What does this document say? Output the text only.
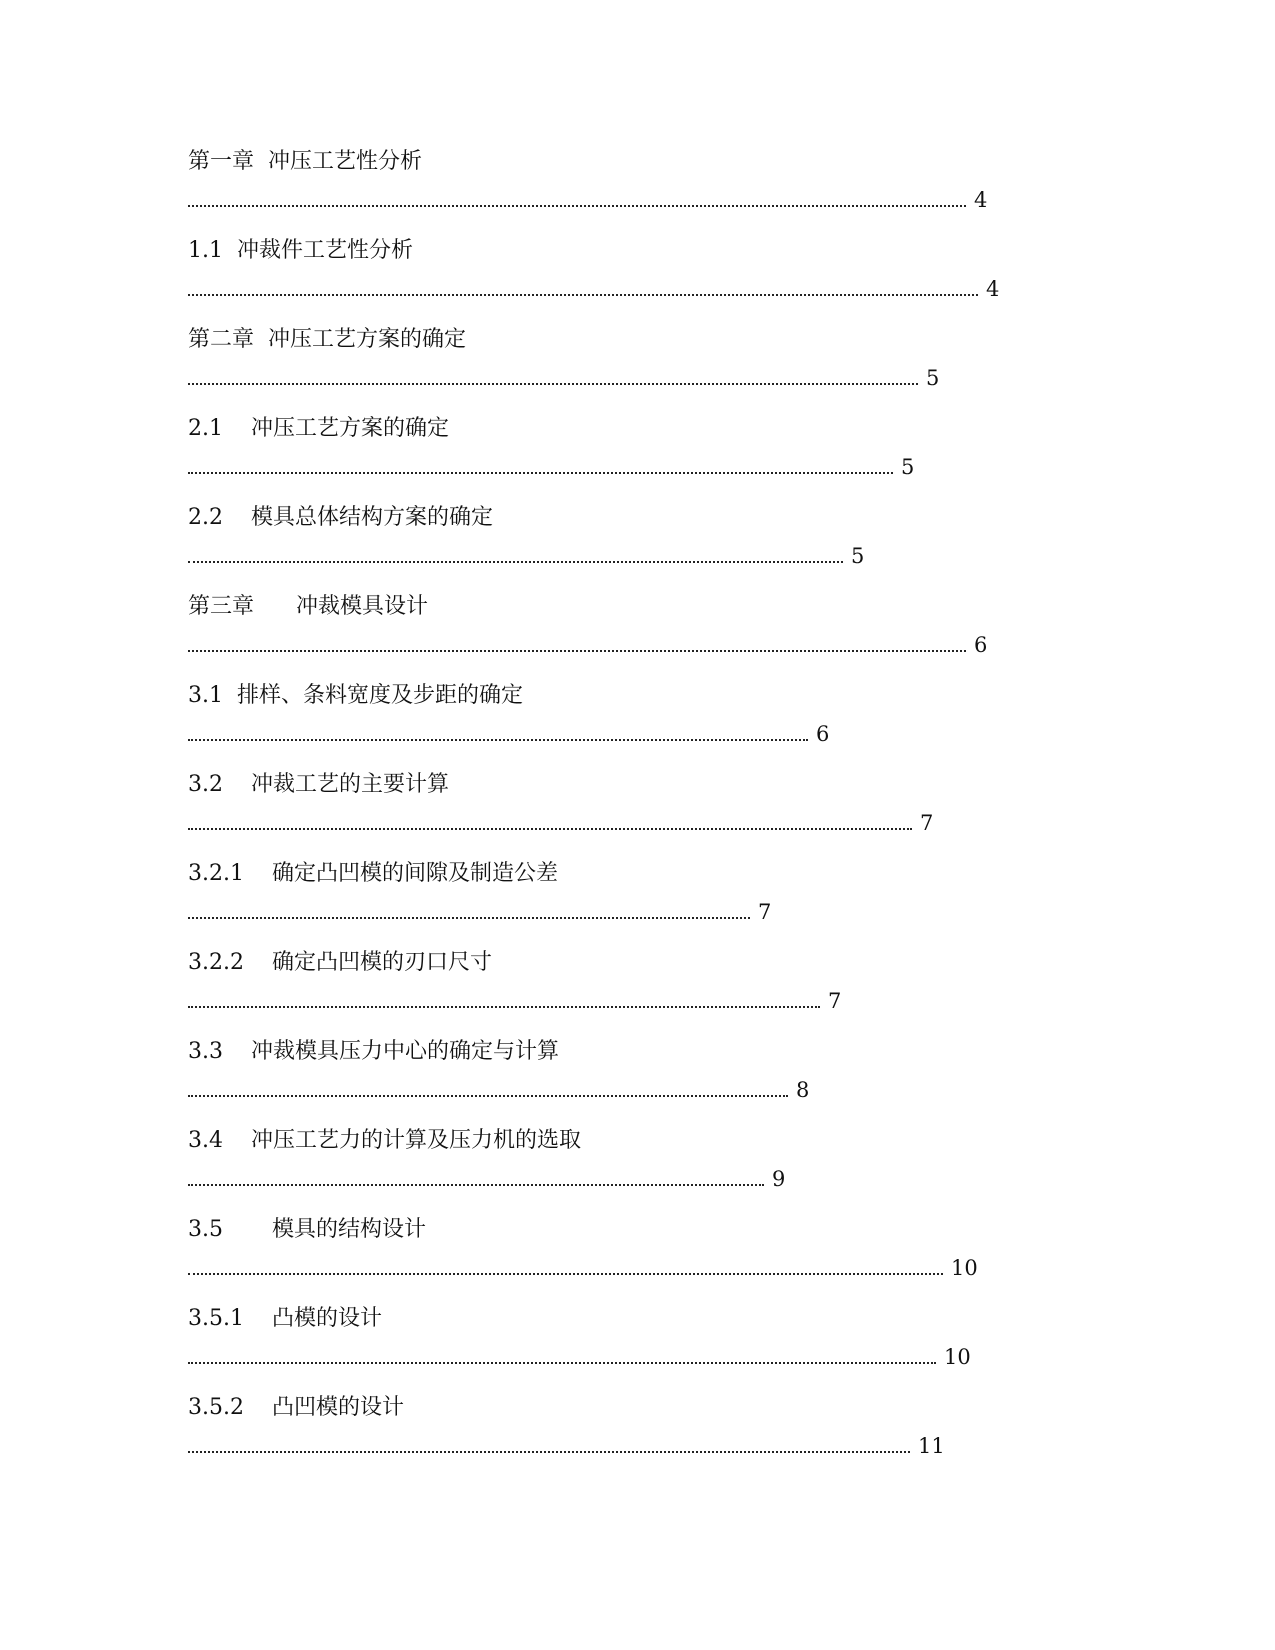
第一章  冲压工艺性分析
4
1.1  冲裁件工艺性分析
4
第二章  冲压工艺方案的确定
5
2.1    冲压工艺方案的确定
5
2.2    模具总体结构方案的确定
5
第三章      冲裁模具设计
6
3.1  排样、条料宽度及步距的确定
6
3.2    冲裁工艺的主要计算
7
3.2.1    确定凸凹模的间隙及制造公差
7
3.2.2    确定凸凹模的刃口尺寸
7
3.3    冲裁模具压力中心的确定与计算
8
3.4    冲压工艺力的计算及压力机的选取
9
3.5       模具的结构设计
10
3.5.1    凸模的设计
10
3.5.2    凸凹模的设计
11
